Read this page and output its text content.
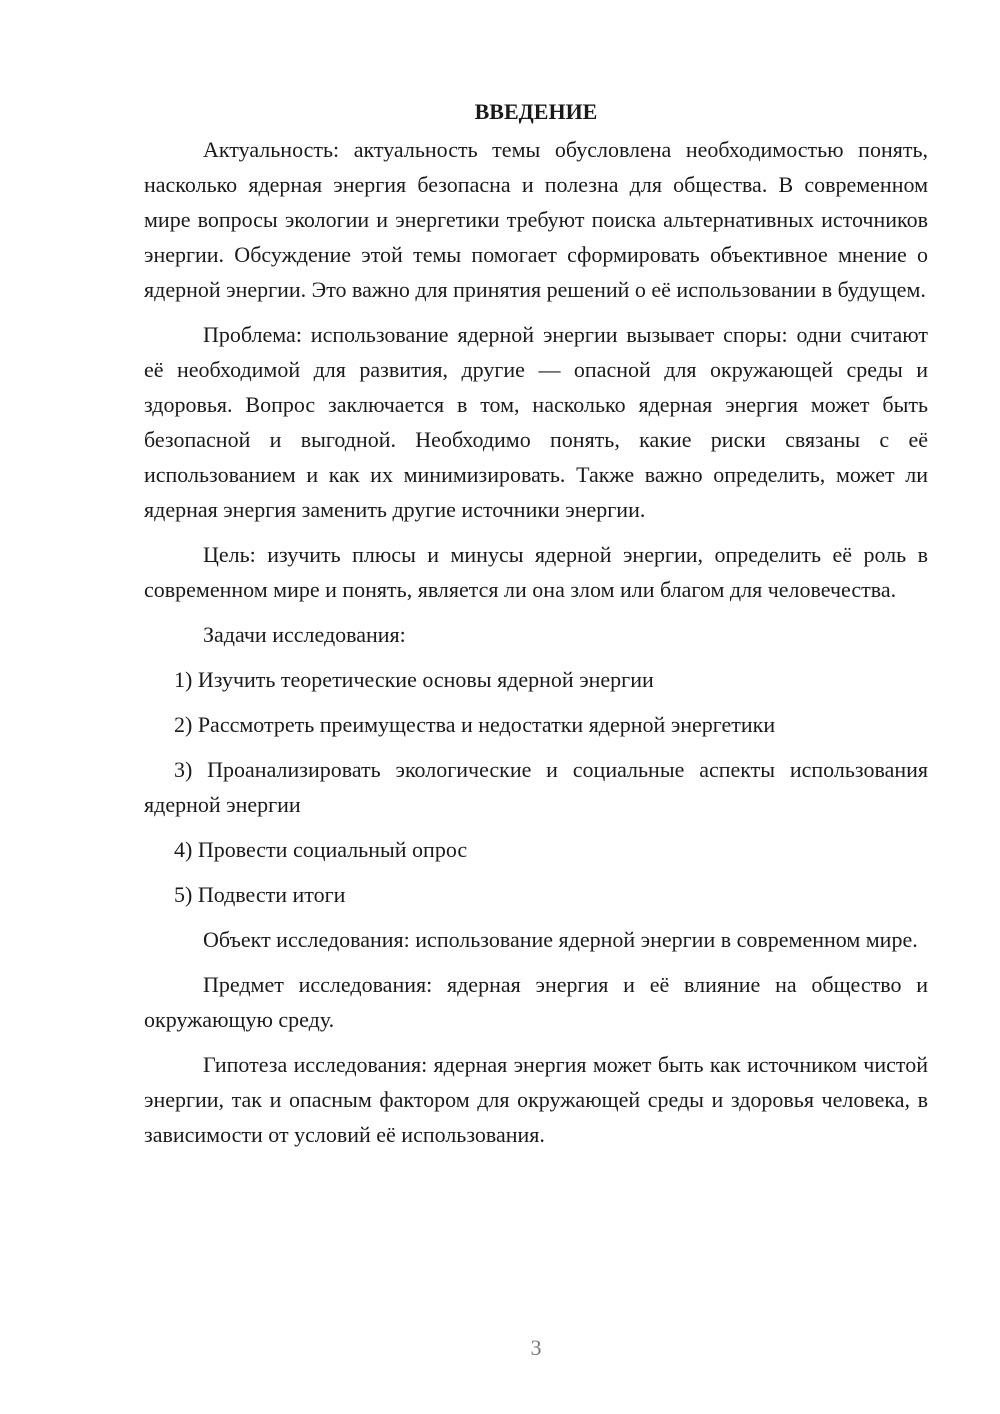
ВВЕДЕНИЕ

Актуальность: актуальность темы обусловлена необходимостью понять, насколько ядерная энергия безопасна и полезна для общества. В современном мире вопросы экологии и энергетики требуют поиска альтернативных источников энергии. Обсуждение этой темы помогает сформировать объективное мнение о ядерной энергии. Это важно для принятия решений о её использовании в будущем.

Проблема: использование ядерной энергии вызывает споры: одни считают её необходимой для развития, другие — опасной для окружающей среды и здоровья. Вопрос заключается в том, насколько ядерная энергия может быть безопасной и выгодной. Необходимо понять, какие риски связаны с её использованием и как их минимизировать. Также важно определить, может ли ядерная энергия заменить другие источники энергии.

Цель: изучить плюсы и минусы ядерной энергии, определить её роль в современном мире и понять, является ли она злом или благом для человечества.

Задачи исследования:

1) Изучить теоретические основы ядерной энергии

2) Рассмотреть преимущества и недостатки ядерной энергетики

3) Проанализировать экологические и социальные аспекты использования ядерной энергии

4) Провести социальный опрос

5) Подвести итоги

Объект исследования: использование ядерной энергии в современном мире.

Предмет исследования: ядерная энергия и её влияние на общество и окружающую среду.

Гипотеза исследования: ядерная энергия может быть как источником чистой энергии, так и опасным фактором для окружающей среды и здоровья человека, в зависимости от условий её использования.

3
